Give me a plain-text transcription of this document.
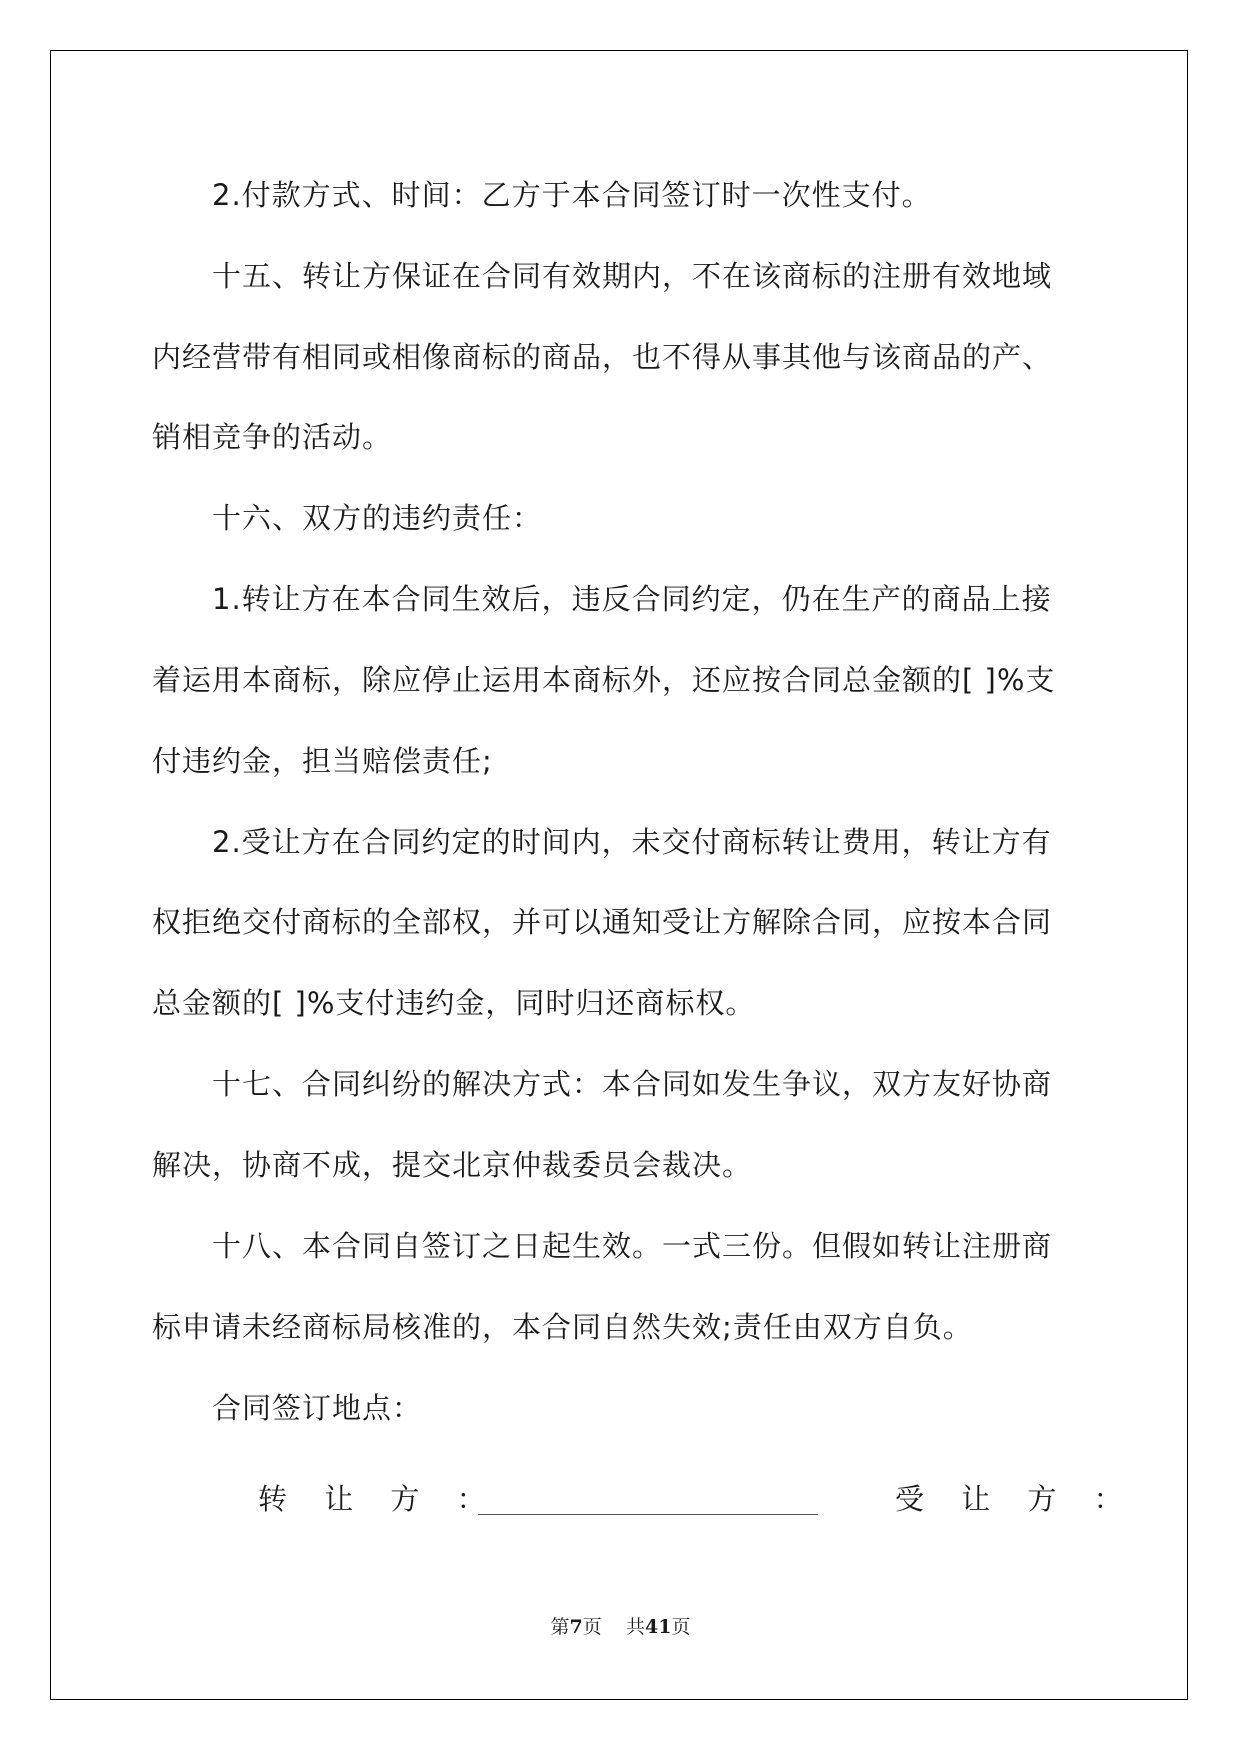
2.付款方式、时间：乙方于本合同签订时一次性支付。
十五、转让方保证在合同有效期内，不在该商标的注册有效地域
内经营带有相同或相像商标的商品，也不得从事其他与该商品的产、
销相竞争的活动。
十六、双方的违约责任：
1.转让方在本合同生效后，违反合同约定，仍在生产的商品上接
着运用本商标，除应停止运用本商标外，还应按合同总金额的[ ]%支
付违约金，担当赔偿责任;
2.受让方在合同约定的时间内，未交付商标转让费用，转让方有
权拒绝交付商标的全部权，并可以通知受让方解除合同，应按本合同
总金额的[ ]%支付违约金，同时归还商标权。
十七、合同纠纷的解决方式：本合同如发生争议，双方友好协商
解决，协商不成，提交北京仲裁委员会裁决。
十八、本合同自签订之日起生效。一式三份。但假如转让注册商
标申请未经商标局核准的，本合同自然失效;责任由双方自负。
合同签订地点：
转 让 方 ：	受 让 方 ：
第7页 共41页
